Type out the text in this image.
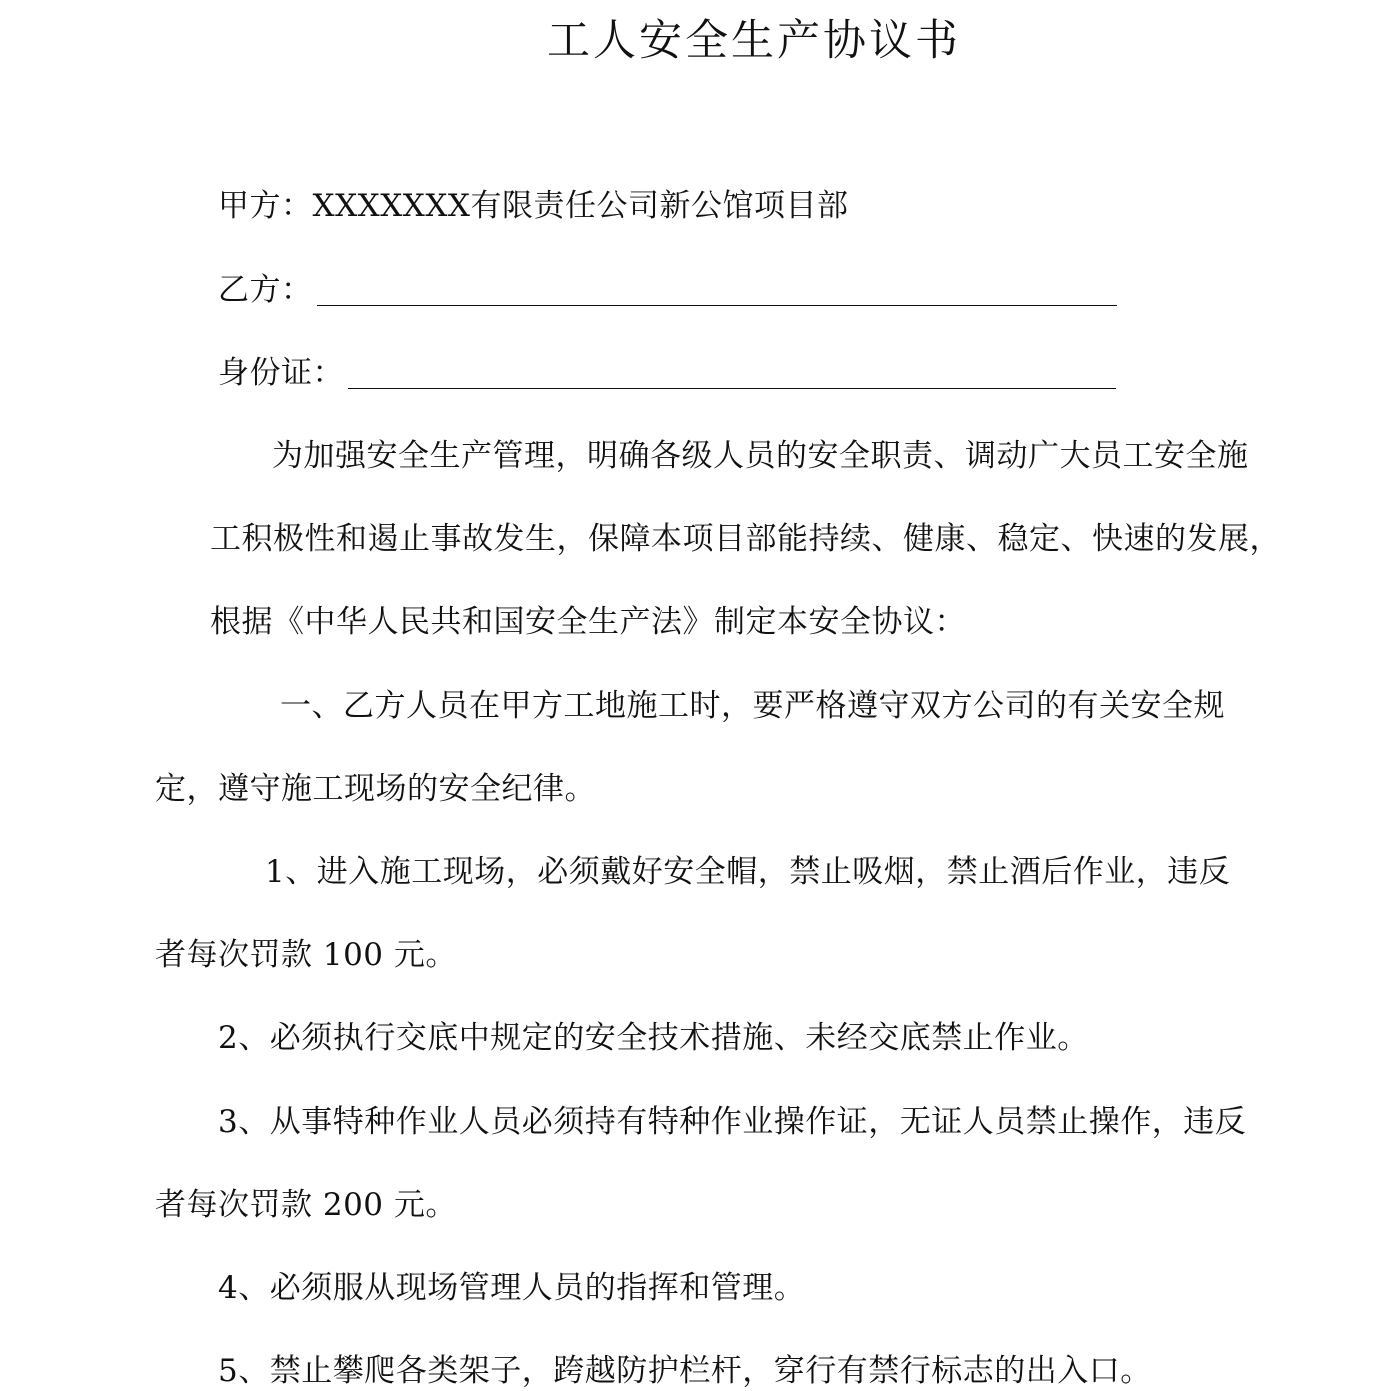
工人安全生产协议书
甲方：XXXXXXX有限责任公司新公馆项目部
乙方：
身份证：
为加强安全生产管理，明确各级人员的安全职责、调动广大员工安全施
工积极性和遏止事故发生，保障本项目部能持续、健康、稳定、快速的发展，
根据《中华人民共和国安全生产法》制定本安全协议：
一、乙方人员在甲方工地施工时，要严格遵守双方公司的有关安全规
定，遵守施工现场的安全纪律。
1、进入施工现场，必须戴好安全帽，禁止吸烟，禁止酒后作业，违反
者每次罚款 100 元。
2、必须执行交底中规定的安全技术措施、未经交底禁止作业。
3、从事特种作业人员必须持有特种作业操作证，无证人员禁止操作，违反
者每次罚款 200 元。
4、必须服从现场管理人员的指挥和管理。
5、禁止攀爬各类架子，跨越防护栏杆，穿行有禁行标志的出入口。
